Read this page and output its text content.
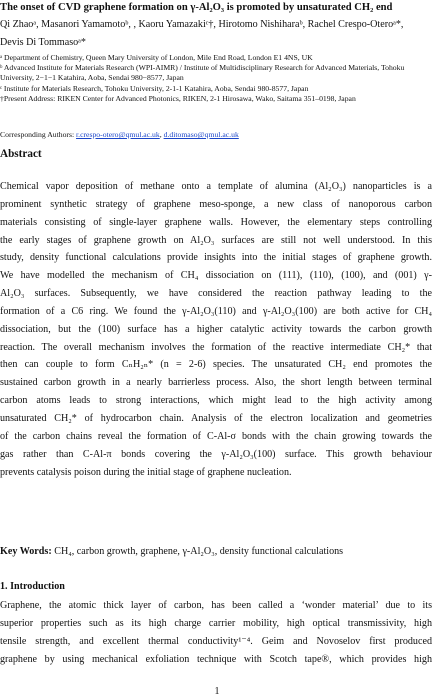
The onset of CVD graphene formation on γ-Al₂O₃ is promoted by unsaturated CH₂ end
Qi Zhaoᵃ, Masanori Yamamotoᵇ, , Kaoru Yamazakiᶜ†, Hirotomo Nishiharaᵇ, Rachel Crespo-Oteroᵃ*,
Devis Di Tommasoᵃ*

ᵃ Department of Chemistry, Queen Mary University of London, Mile End Road, London E1 4NS, UK

ᵇ Advanced Institute for Materials Research (WPI-AIMR) / Institute of Multidisciplinary Research for Advanced Materials, Tohoku University, 2−1−1 Katahira, Aoba, Sendai 980−8577, Japan

ᶜ Institute for Materials Research, Tohoku University, 2-1-1 Katahira, Aoba, Sendai 980-8577, Japan

†Present Address: RIKEN Center for Advanced Photonics, RIKEN, 2-1 Hirosawa, Wako, Saitama 351–0198, Japan

Corresponding Authors: r.crespo-otero@qmul.ac.uk, d.ditomaso@qmul.ac.uk
Abstract
Chemical vapor deposition of methane onto a template of alumina (Al₂O₃) nanoparticles is a
prominent synthetic strategy of graphene meso-sponge, a new class of nanoporous carbon
materials consisting of single-layer graphene walls. However, the elementary steps controlling
the early stages of graphene growth on Al₂O₃ surfaces are still not well understood. In this
study, density functional calculations provide insights into the initial stages of graphene growth.
We have modelled the mechanism of CH₄ dissociation on (111), (110), (100), and (001) γ-
Al₂O₃ surfaces. Subsequently, we have considered the reaction pathway leading to the
formation of a C6 ring. We found the γ-Al₂O₃(110) and γ-Al₂O₃(100) are both active for CH₄
dissociation, but the (100) surface has a higher catalytic activity towards the carbon growth
reaction. The overall mechanism involves the formation of the reactive intermediate CH₂* that
then can couple to form CₙH₂ₙ* (n = 2-6) species. The unsaturated CH₂ end promotes the
sustained carbon growth in a nearly barrierless process. Also, the short length between terminal
carbon atoms leads to strong interactions, which might lead to the high activity among
unsaturated CH₂* of hydrocarbon chain. Analysis of the electron localization and geometries
of the carbon chains reveal the formation of C-Al-σ bonds with the chain growing towards the
gas rather than C-Al-π bonds covering the γ-Al₂O₃(100) surface. This growth behaviour
prevents catalysis poison during the initial stage of graphene nucleation.
Key Words: CH₄, carbon growth, graphene, γ-Al₂O₃, density functional calculations
1. Introduction
Graphene, the atomic thick layer of carbon, has been called a ‘wonder material’ due to its
superior properties such as its high charge carrier mobility, high optical transmissivity, high
tensile strength, and excellent thermal conductivity¹⁻⁴. Geim and Novoselov first produced
graphene by using mechanical exfoliation technique with Scotch tape®, which provides high
1
